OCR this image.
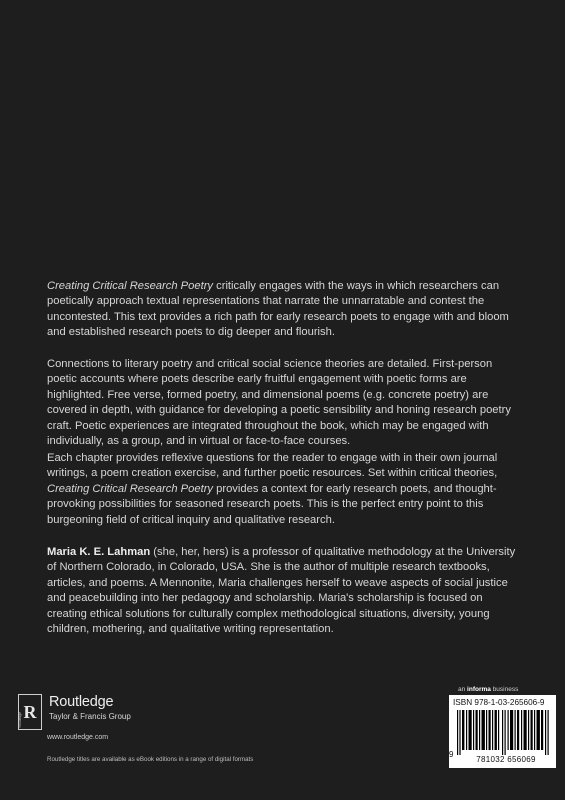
Creating Critical Research Poetry critically engages with the ways in which researchers can poetically approach textual representations that narrate the unnarratable and contest the uncontested. This text provides a rich path for early research poets to engage with and bloom and established research poets to dig deeper and flourish.

Connections to literary poetry and critical social science theories are detailed. First-person poetic accounts where poets describe early fruitful engagement with poetic forms are highlighted. Free verse, formed poetry, and dimensional poems (e.g. concrete poetry) are covered in depth, with guidance for developing a poetic sensibility and honing research poetry craft. Poetic experiences are integrated throughout the book, which may be engaged with individually, as a group, and in virtual or face-to-face courses.

Each chapter provides reflexive questions for the reader to engage with in their own journal writings, a poem creation exercise, and further poetic resources. Set within critical theories, Creating Critical Research Poetry provides a context for early research poets, and thought-provoking possibilities for seasoned research poets. This is the perfect entry point to this burgeoning field of critical inquiry and qualitative research.

Maria K. E. Lahman (she, her, hers) is a professor of qualitative methodology at the University of Northern Colorado, in Colorado, USA. She is the author of multiple research textbooks, articles, and poems. A Mennonite, Maria challenges herself to weave aspects of social justice and peacebuilding into her pedagogy and scholarship. Maria's scholarship is focused on creating ethical solutions for culturally complex methodological situations, diversity, young children, mothering, and qualitative writing representation.

R
Routledge
Routledge
Taylor & Francis Group
www.routledge.com
Routledge titles are available as eBook editions in a range of digital formats
an informa business
ISBN 978-1-03-265606-9
9
781032 656069
